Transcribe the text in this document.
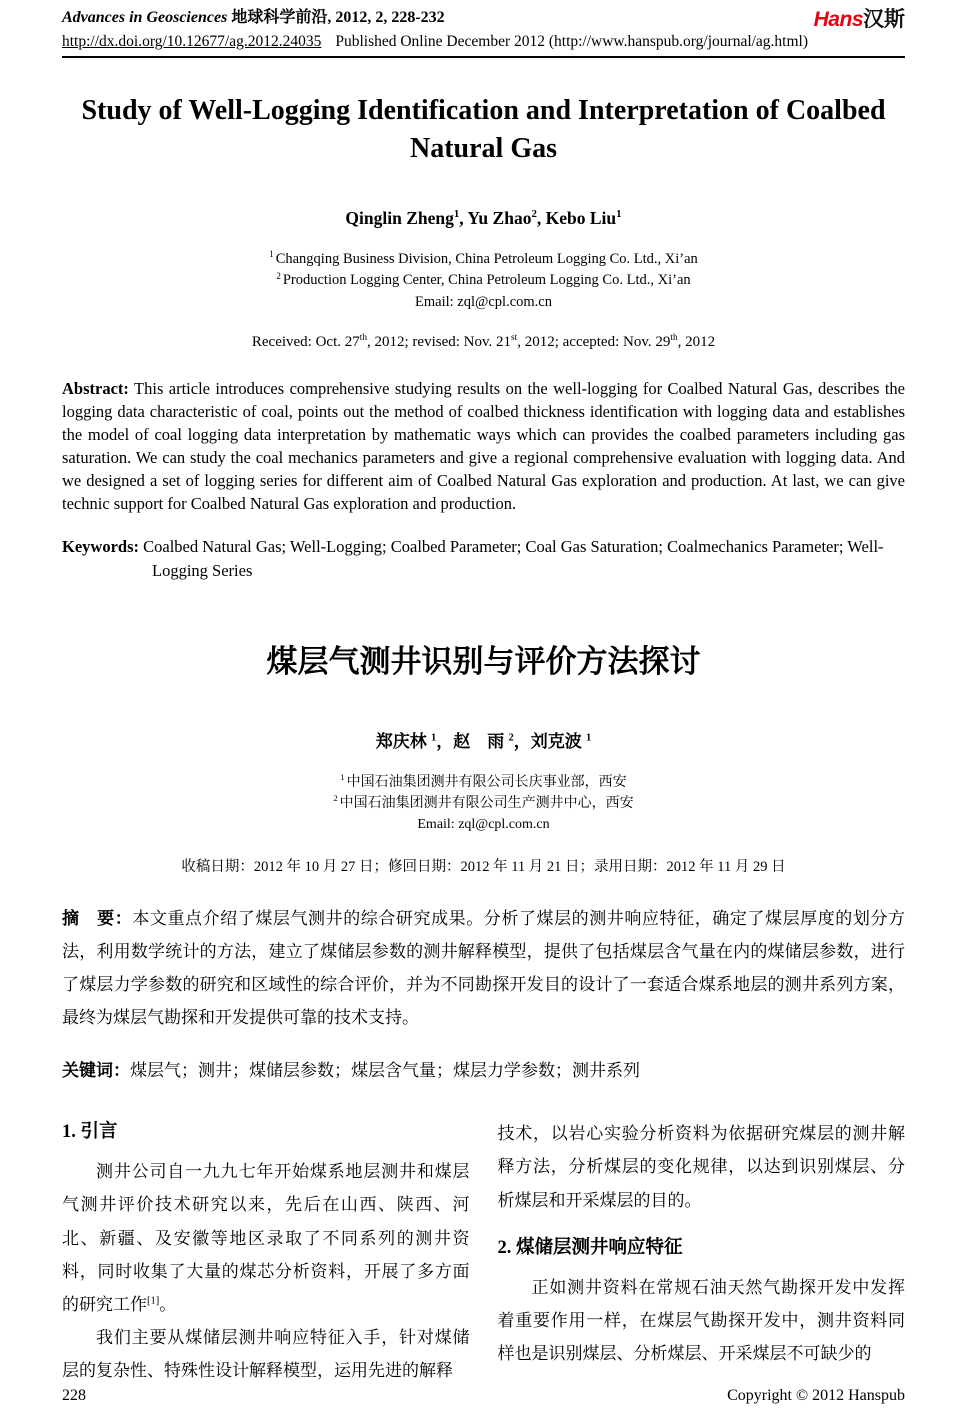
Advances in Geosciences 地球科学前沿, 2012, 2, 228-232	Hans汉斯
http://dx.doi.org/10.12677/ag.2012.24035 Published Online December 2012 (http://www.hanspub.org/journal/ag.html)
Study of Well-Logging Identification and Interpretation of Coalbed Natural Gas

Qinglin Zheng$^1$, Yu Zhao$^2$, Kebo Liu$^1$

$^1$ Changqing Business Division, China Petroleum Logging Co. Ltd., Xi’an
$^2$ Production Logging Center, China Petroleum Logging Co. Ltd., Xi’an
Email: zql@cpl.com.cn

Received: Oct. 27th, 2012; revised: Nov. 21st, 2012; accepted: Nov. 29th, 2012

Abstract: This article introduces comprehensive studying results on the well-logging for Coalbed Natural Gas, describes the logging data characteristic of coal, points out the method of coalbed thickness identification with logging data and establishes the model of coal logging data interpretation by mathematic ways which can provides the coalbed parameters including gas saturation. We can study the coal mechanics parameters and give a regional comprehensive evaluation with logging data. And we designed a set of logging series for different aim of Coalbed Natural Gas exploration and production. At last, we can give technic support for Coalbed Natural Gas exploration and production.

Keywords: Coalbed Natural Gas; Well-Logging; Coalbed Parameter; Coal Gas Saturation; Coalmechanics Parameter; Well-Logging Series

煤层气测井识别与评价方法探讨

郑庆林 $^1$，赵　雨 $^2$，刘克波 $^1$

$^1$ 中国石油集团测井有限公司长庆事业部，西安
$^2$ 中国石油集团测井有限公司生产测井中心，西安
Email: zql@cpl.com.cn

收稿日期：2012 年 10 月 27 日；修回日期：2012 年 11 月 21 日；录用日期：2012 年 11 月 29 日

摘　要：本文重点介绍了煤层气测井的综合研究成果。分析了煤层的测井响应特征，确定了煤层厚度的划分方法，利用数学统计的方法，建立了煤储层参数的测井解释模型，提供了包括煤层含气量在内的煤储层参数，进行了煤层力学参数的研究和区域性的综合评价，并为不同勘探开发目的设计了一套适合煤系地层的测井系列方案，最终为煤层气勘探和开发提供可靠的技术支持。

关键词：煤层气；测井；煤储层参数；煤层含气量；煤层力学参数；测井系列

1. 引言

测井公司自一九九七年开始煤系地层测井和煤层气测井评价技术研究以来，先后在山西、陕西、河北、新疆、及安徽等地区录取了不同系列的测井资料，同时收集了大量的煤芯分析资料，开展了多方面的研究工作[1]。

我们主要从煤储层测井响应特征入手，针对煤储层的复杂性、特殊性设计解释模型，运用先进的解释

技术，以岩心实验分析资料为依据研究煤层的测井解释方法，分析煤层的变化规律，以达到识别煤层、分析煤层和开采煤层的目的。

2. 煤储层测井响应特征

正如测井资料在常规石油天然气勘探开发中发挥着重要作用一样，在煤层气勘探开发中，测井资料同样也是识别煤层、分析煤层、开采煤层不可缺少的

228	Copyright © 2012 Hanspub
